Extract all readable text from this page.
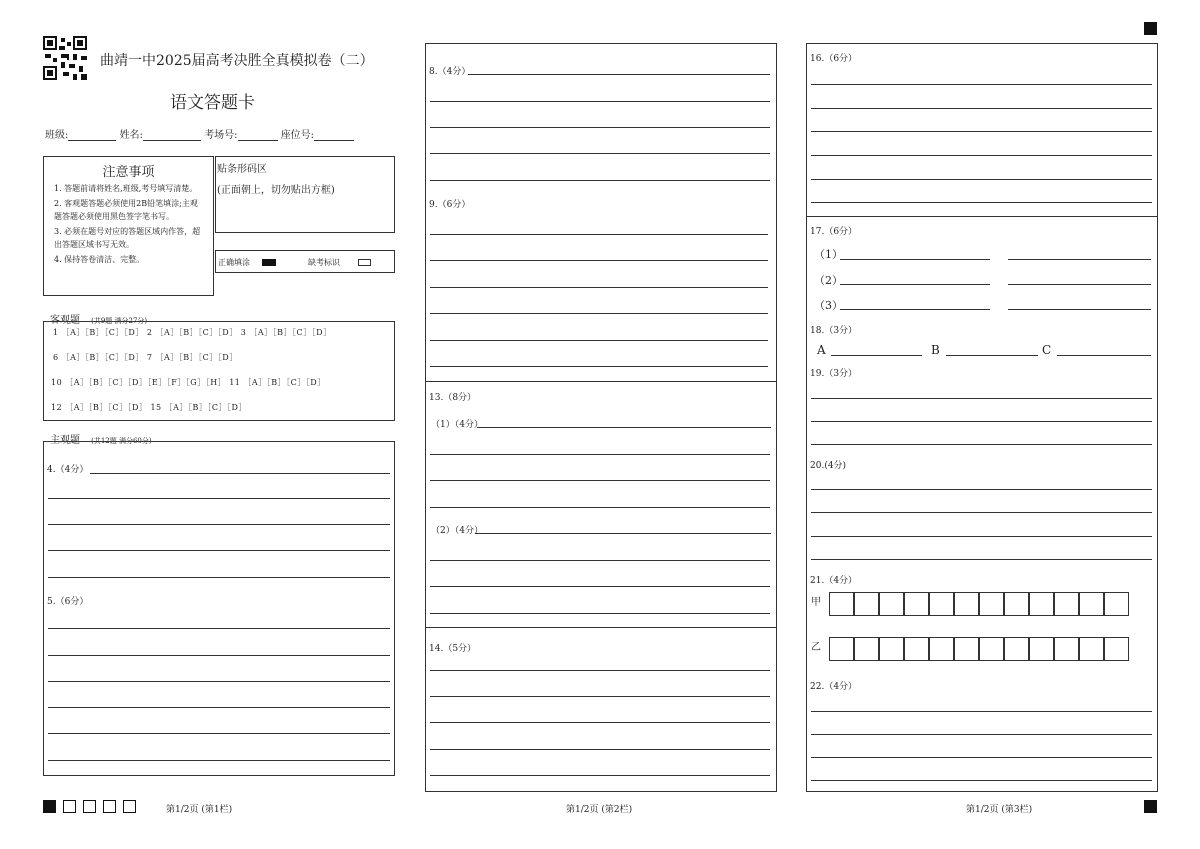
曲靖一中2025届高考决胜全真模拟卷（二）
语文答题卡
班级:	姓名:	考场号:	座位号:
注意事项
1. 答题前请将姓名,班级,考号填写清楚。
2. 客观题答题必须使用2B铅笔填涂;主观题答题必须使用黑色签字笔书写。
3. 必须在题号对应的答题区域内作答，超出答题区域书写无效。
4. 保持答卷清洁、完整。
贴条形码区
(正面朝上，切勿贴出方框)
正确填涂	缺考标识
客观题 (共9题 满分27分)
1 ［A］［B］［C］［D］ 2 ［A］［B］［C］［D］ 3 ［A］［B］［C］［D］
6 ［A］［B］［C］［D］ 7 ［A］［B］［C］［D］
10 ［A］［B］［C］［D］［E］［F］［G］［H］ 11 ［A］［B］［C］［D］
12 ［A］［B］［C］［D］ 15 ［A］［B］［C］［D］
主观题 (共12题 满分60分)
4.（4分）
5.（6分）
第1/2页 (第1栏)
8.（4分）
9.（6分）
13.（8分）
（1）（4分）
（2）（4分）
14.（5分）
第1/2页 (第2栏)
16.（6分）
17.（6分）
（1）
（2）
（3）
18.（3分）
A	B	C
19.（3分）
20.(4分)
21.（4分）
甲
乙
22.（4分）
第1/2页 (第3栏)
